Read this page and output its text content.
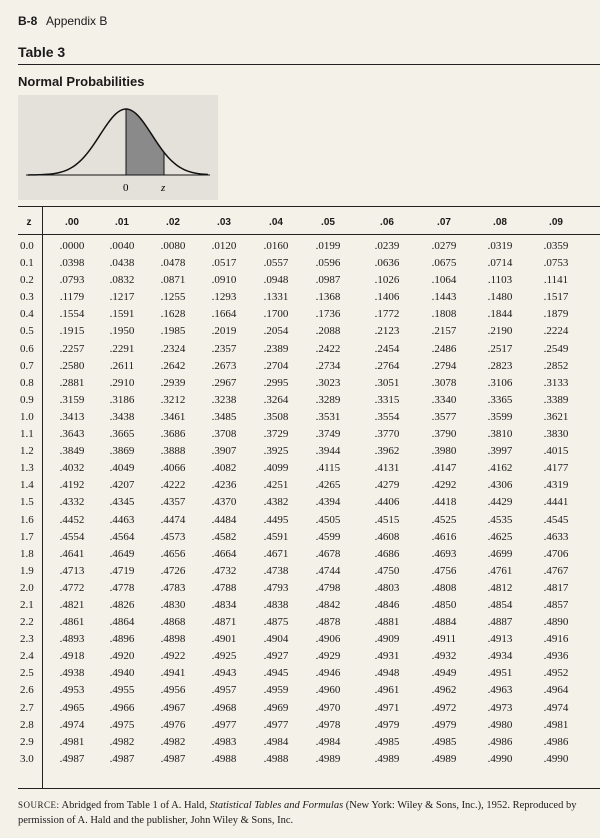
B-8 Appendix B
Table 3
Normal Probabilities
0	z
z	.00	.01	.02	.03	.04	.05	.06	.07	.08	.09
0.0	.0000	.0040	.0080	.0120	.0160	.0199	.0239	.0279	.0319	.0359
0.1	.0398	.0438	.0478	.0517	.0557	.0596	.0636	.0675	.0714	.0753
0.2	.0793	.0832	.0871	.0910	.0948	.0987	.1026	.1064	.1103	.1141
0.3	.1179	.1217	.1255	.1293	.1331	.1368	.1406	.1443	.1480	.1517
0.4	.1554	.1591	.1628	.1664	.1700	.1736	.1772	.1808	.1844	.1879
0.5	.1915	.1950	.1985	.2019	.2054	.2088	.2123	.2157	.2190	.2224
0.6	.2257	.2291	.2324	.2357	.2389	.2422	.2454	.2486	.2517	.2549
0.7	.2580	.2611	.2642	.2673	.2704	.2734	.2764	.2794	.2823	.2852
0.8	.2881	.2910	.2939	.2967	.2995	.3023	.3051	.3078	.3106	.3133
0.9	.3159	.3186	.3212	.3238	.3264	.3289	.3315	.3340	.3365	.3389
1.0	.3413	.3438	.3461	.3485	.3508	.3531	.3554	.3577	.3599	.3621
1.1	.3643	.3665	.3686	.3708	.3729	.3749	.3770	.3790	.3810	.3830
1.2	.3849	.3869	.3888	.3907	.3925	.3944	.3962	.3980	.3997	.4015
1.3	.4032	.4049	.4066	.4082	.4099	.4115	.4131	.4147	.4162	.4177
1.4	.4192	.4207	.4222	.4236	.4251	.4265	.4279	.4292	.4306	.4319
1.5	.4332	.4345	.4357	.4370	.4382	.4394	.4406	.4418	.4429	.4441
1.6	.4452	.4463	.4474	.4484	.4495	.4505	.4515	.4525	.4535	.4545
1.7	.4554	.4564	.4573	.4582	.4591	.4599	.4608	.4616	.4625	.4633
1.8	.4641	.4649	.4656	.4664	.4671	.4678	.4686	.4693	.4699	.4706
1.9	.4713	.4719	.4726	.4732	.4738	.4744	.4750	.4756	.4761	.4767
2.0	.4772	.4778	.4783	.4788	.4793	.4798	.4803	.4808	.4812	.4817
2.1	.4821	.4826	.4830	.4834	.4838	.4842	.4846	.4850	.4854	.4857
2.2	.4861	.4864	.4868	.4871	.4875	.4878	.4881	.4884	.4887	.4890
2.3	.4893	.4896	.4898	.4901	.4904	.4906	.4909	.4911	.4913	.4916
2.4	.4918	.4920	.4922	.4925	.4927	.4929	.4931	.4932	.4934	.4936
2.5	.4938	.4940	.4941	.4943	.4945	.4946	.4948	.4949	.4951	.4952
2.6	.4953	.4955	.4956	.4957	.4959	.4960	.4961	.4962	.4963	.4964
2.7	.4965	.4966	.4967	.4968	.4969	.4970	.4971	.4972	.4973	.4974
2.8	.4974	.4975	.4976	.4977	.4977	.4978	.4979	.4979	.4980	.4981
2.9	.4981	.4982	.4982	.4983	.4984	.4984	.4985	.4985	.4986	.4986
3.0	.4987	.4987	.4987	.4988	.4988	.4989	.4989	.4989	.4990	.4990
SOURCE: Abridged from Table 1 of A. Hald, Statistical Tables and Formulas (New York: Wiley & Sons, Inc.), 1952. Reproduced by permission of A. Hald and the publisher, John Wiley & Sons, Inc.
